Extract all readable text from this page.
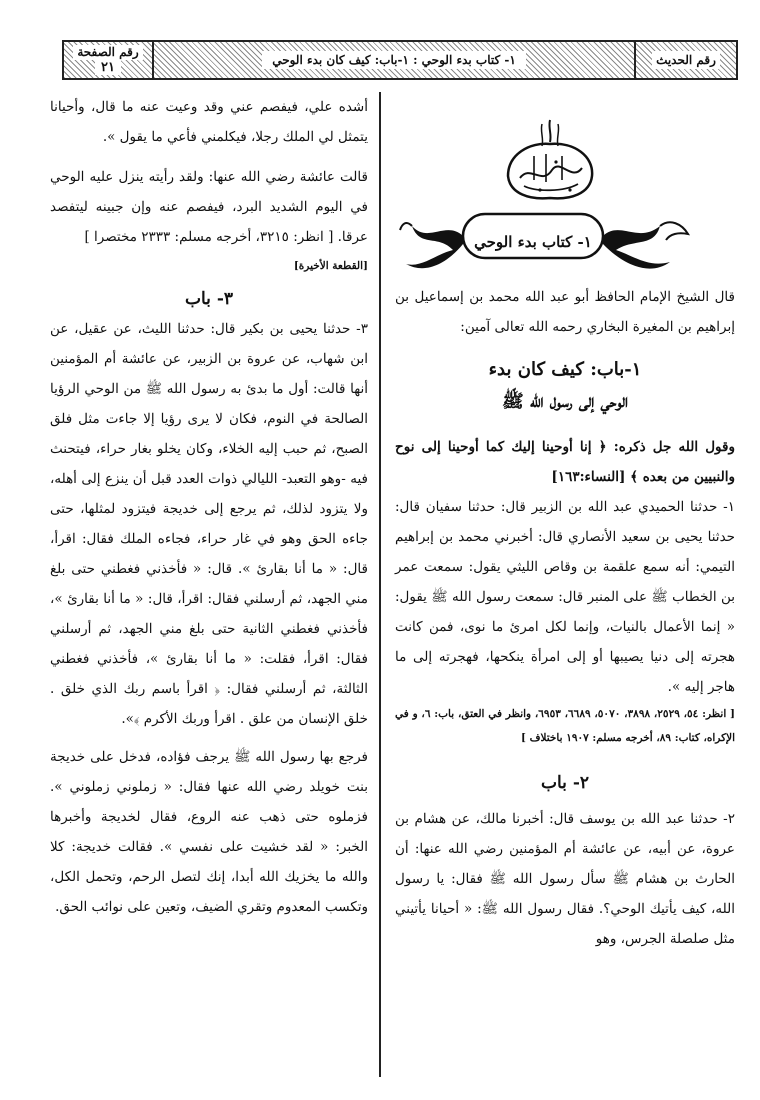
رقم الصفحة
٢١	١- كتاب بدء الوحي : ١-باب: كيف كان بدء الوحي	رقم الحديث
١- كتاب بدء الوحي

قال الشيخ الإمام الحافظ أبو عبد الله محمد بن إسماعيل بن إبراهيم بن المغيرة البخاري رحمه الله تعالى آمين:

١-باب: كيف كان بدء

الوحي إلى رسول الله ﷺ

وقول الله جل ذكره: ﴿ إنا أوحينا إليك كما أوحينا إلى نوح والنبيين من بعده ﴾ [النساء:١٦٣]

١- حدثنا الحميدي عبد الله بن الزبير قال: حدثنا سفيان قال: حدثنا يحيى بن سعيد الأنصاري قال: أخبرني محمد بن إبراهيم التيمي: أنه سمع علقمة بن وقاص الليثي يقول: سمعت عمر بن الخطاب ﷺ على المنبر قال: سمعت رسول الله ﷺ يقول: « إنما الأعمال بالنيات، وإنما لكل امرئ ما نوى، فمن كانت هجرته إلى دنيا يصيبها أو إلى امرأة ينكحها، فهجرته إلى ما هاجر إليه ».

[ انظر: ٥٤، ٢٥٢٩، ٣٨٩٨، ٥٠٧٠، ٦٦٨٩، ٦٩٥٣، وانظر في العتق، باب: ٦، و في الإكراه، كتاب: ٨٩، أخرجه مسلم: ١٩٠٧ باختلاف ]

٢- باب

٢- حدثنا عبد الله بن يوسف قال: أخبرنا مالك، عن هشام بن عروة، عن أبيه، عن عائشة أم المؤمنين رضي الله عنها: أن الحارث بن هشام ﷺ سأل رسول الله ﷺ فقال: يا رسول الله، كيف يأتيك الوحي؟. فقال رسول الله ﷺ: « أحيانا يأتيني مثل صلصلة الجرس، وهو

أشده علي، فيفصم عني وقد وعيت عنه ما قال، وأحيانا يتمثل لي الملك رجلا، فيكلمني فأعي ما يقول ».

قالت عائشة رضي الله عنها: ولقد رأيته ينزل عليه الوحي في اليوم الشديد البرد، فيفصم عنه وإن جبينه ليتفصد عرقا. [ انظر: ٣٢١٥، أخرجه مسلم: ٢٣٣٣ مختصرا ]

[القطعة الأخيرة]

٣- باب

٣- حدثنا يحيى بن بكير قال: حدثنا الليث، عن عقيل، عن ابن شهاب، عن عروة بن الزبير، عن عائشة أم المؤمنين أنها قالت: أول ما بدئ به رسول الله ﷺ من الوحي الرؤيا الصالحة في النوم، فكان لا يرى رؤيا إلا جاءت مثل فلق الصبح، ثم حبب إليه الخلاء، وكان يخلو بغار حراء، فيتحنث فيه -وهو التعبد- الليالي ذوات العدد قبل أن ينزع إلى أهله، ولا يتزود لذلك، ثم يرجع إلى خديجة فيتزود لمثلها، حتى جاءه الحق وهو في غار حراء، فجاءه الملك فقال: اقرأ، قال: « ما أنا بقارئ ». قال: « فأخذني فغطني حتى بلغ مني الجهد، ثم أرسلني فقال: اقرأ، قال: « ما أنا بقارئ »، فأخذني فغطني الثانية حتى بلغ مني الجهد، ثم أرسلني فقال: اقرأ، فقلت: « ما أنا بقارئ »، فأخذني فغطني الثالثة، ثم أرسلني فقال: ﴿ اقرأ باسم ربك الذي خلق . خلق الإنسان من علق . اقرأ وربك الأكرم ﴾».

فرجع بها رسول الله ﷺ يرجف فؤاده، فدخل على خديجة بنت خويلد رضي الله عنها فقال: « زملوني زملوني ». فزملوه حتى ذهب عنه الروع، فقال لخديجة وأخبرها الخبر: « لقد خشيت على نفسي ». فقالت خديجة: كلا والله ما يخزيك الله أبدا، إنك لتصل الرحم، وتحمل الكل، وتكسب المعدوم وتقري الضيف، وتعين على نوائب الحق.
